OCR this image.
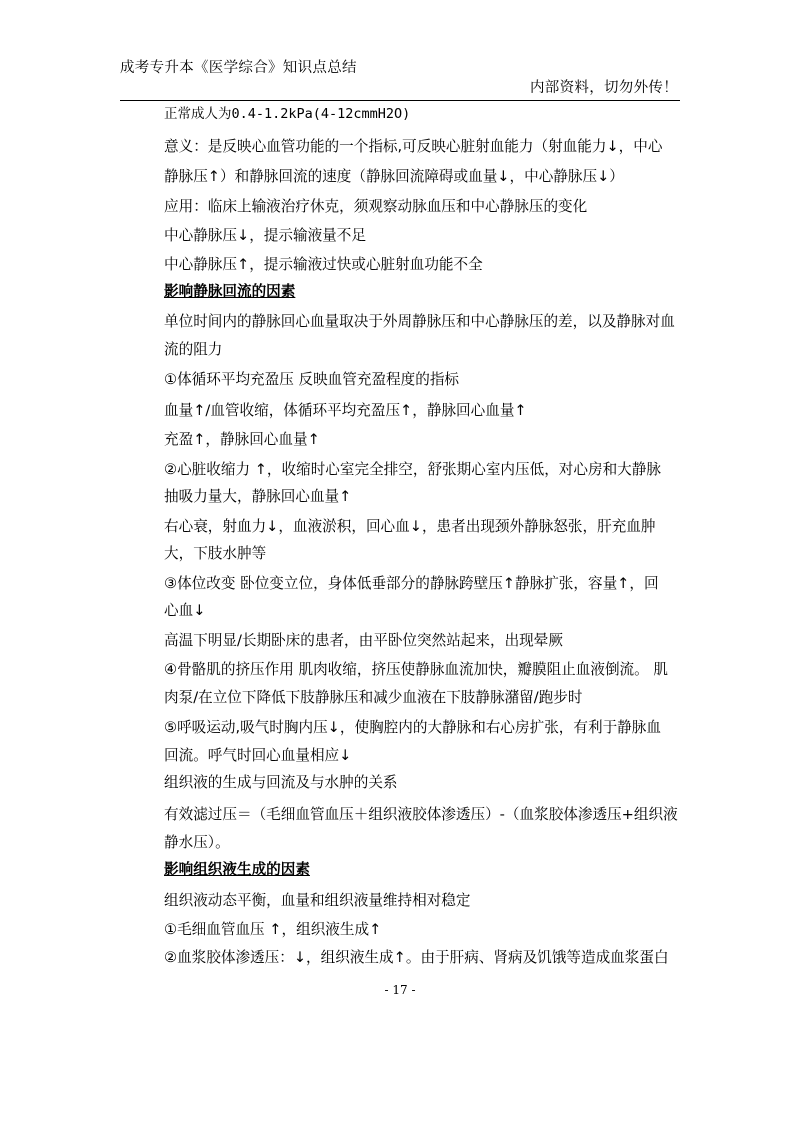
成考专升本《医学综合》知识点总结
内部资料，切勿外传！
正常成人为0.4-1.2kPa(4-12cmmH2O)
意义：是反映心血管功能的一个指标,可反映心脏射血能力（射血能力↓，中心
静脉压↑）和静脉回流的速度（静脉回流障碍或血量↓，中心静脉压↓）
应用：临床上输液治疗休克，须观察动脉血压和中心静脉压的变化
中心静脉压↓，提示输液量不足
中心静脉压↑，提示输液过快或心脏射血功能不全
影响静脉回流的因素
单位时间内的静脉回心血量取决于外周静脉压和中心静脉压的差，以及静脉对血
流的阻力
①体循环平均充盈压 反映血管充盈程度的指标
血量↑/血管收缩，体循环平均充盈压↑，静脉回心血量↑
充盈↑，静脉回心血量↑
②心脏收缩力 ↑，收缩时心室完全排空，舒张期心室内压低，对心房和大静脉
抽吸力量大，静脉回心血量↑
右心衰，射血力↓，血液淤积，回心血↓，患者出现颈外静脉怒张，肝充血肿
大，下肢水肿等
③体位改变 卧位变立位，身体低垂部分的静脉跨壁压↑静脉扩张，容量↑，回
心血↓
高温下明显/长期卧床的患者，由平卧位突然站起来，出现晕厥
④骨骼肌的挤压作用 肌肉收缩，挤压使静脉血流加快，瓣膜阻止血液倒流。 肌
肉泵/在立位下降低下肢静脉压和减少血液在下肢静脉潴留/跑步时
⑤呼吸运动,吸气时胸内压↓，使胸腔内的大静脉和右心房扩张，有利于静脉血
回流。呼气时回心血量相应↓
组织液的生成与回流及与水肿的关系
有效滤过压＝（毛细血管血压＋组织液胶体渗透压）-（血浆胶体渗透压+组织液
静水压）。
影响组织液生成的因素
组织液动态平衡，血量和组织液量维持相对稳定
①毛细血管血压 ↑，组织液生成↑
②血浆胶体渗透压：↓，组织液生成↑。由于肝病、肾病及饥饿等造成血浆蛋白
- 17 -
